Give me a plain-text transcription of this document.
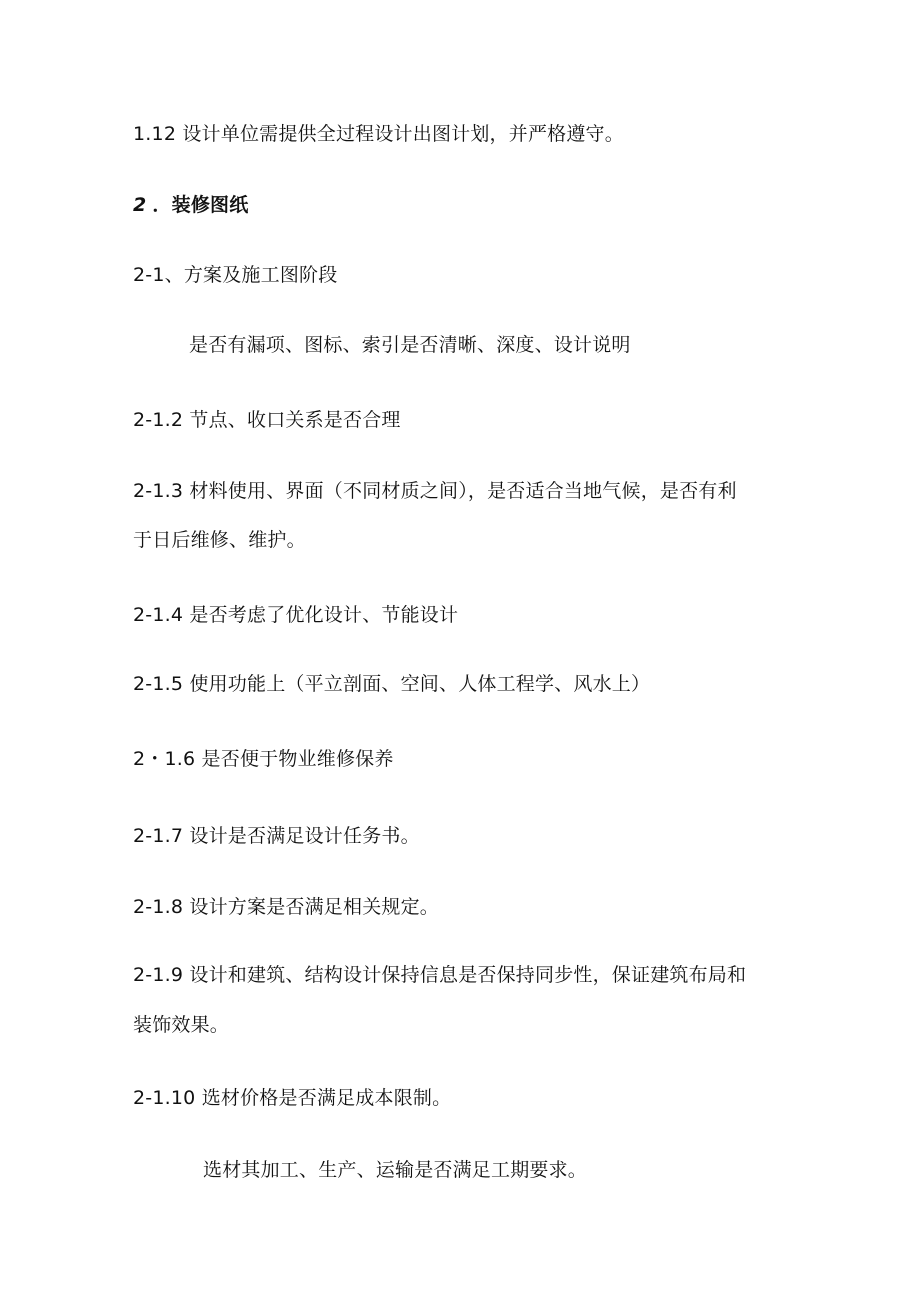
1.12 设计单位需提供全过程设计出图计划，并严格遵守。
2 ．装修图纸
2-1、方案及施工图阶段
是否有漏项、图标、索引是否清晰、深度、设计说明
2-1.2 节点、收口关系是否合理
2-1.3 材料使用、界面（不同材质之间），是否适合当地气候，是否有利
于日后维修、维护。
2-1.4 是否考虑了优化设计、节能设计
2-1.5 使用功能上（平立剖面、空间、人体工程学、风水上）
2・1.6 是否便于物业维修保养
2-1.7 设计是否满足设计任务书。
2-1.8 设计方案是否满足相关规定。
2-1.9 设计和建筑、结构设计保持信息是否保持同步性，保证建筑布局和
装饰效果。
2-1.10 选材价格是否满足成本限制。
选材其加工、生产、运输是否满足工期要求。
